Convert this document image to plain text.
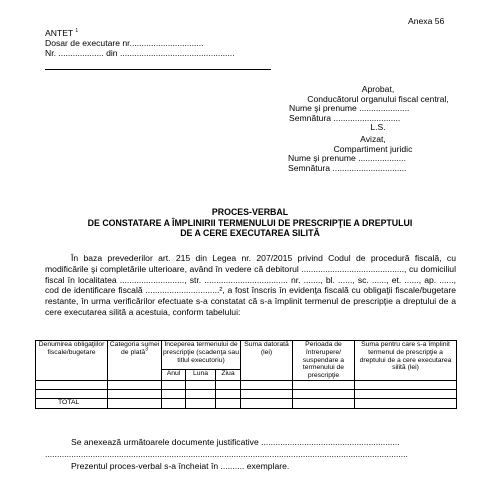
Anexa 56
ANTET $^1$
Dosar de executare nr...............................
Nr. ................... din ................................................
Aprobat,
Conducătorul organului fiscal central,
Nume şi prenume .....................
Semnătura ............................
L.S.
Avizat,
Compartiment juridic
Nume şi prenume ....................
Semnătura ...............................
PROCES-VERBAL
DE CONSTATARE A ÎMPLINIRII TERMENULUI DE PRESCRIPŢIE A DREPTULUI
DE A CERE EXECUTAREA SILITĂ

În baza prevederilor art. 215 din Legea nr. 207/2015 privind Codul de procedură fiscală, cu modificările şi completările ulterioare, având în vedere că debitorul ..........................................., cu domiciliul fiscal în localitatea ..........................., str. ................................... nr. ......., bl. ......, sc. ......, et. ......, ap. ......, cod de identificare fiscală ...............................², a fost înscris în evidenţa fiscală cu obligaţii fiscale/bugetare restante, în urma verificărilor efectuate s-a constatat că s-a împlinit termenul de prescripţie a dreptului de a cere executarea silită a acestuia, conform tabelului:

Denumirea obligaţiilor fiscale/bugetare	Categoria sumei de plată$^3$	Începerea termenului de prescripţie (scadenţa sau titlul executoriu)			Suma datorată (lei)	Perioada de întrerupere/ suspendare a termenului de prescripţie	Suma pentru care s-a împlinit termenul de prescripţie a dreptului de a cere executarea silită (lei)
		Anul	Luna	Ziua			

TOTAL							
Se anexează următoarele documente justificative ..........................................................
........................................................................................................................................................
Prezentul proces-verbal s-a încheiat în .......... exemplare.
